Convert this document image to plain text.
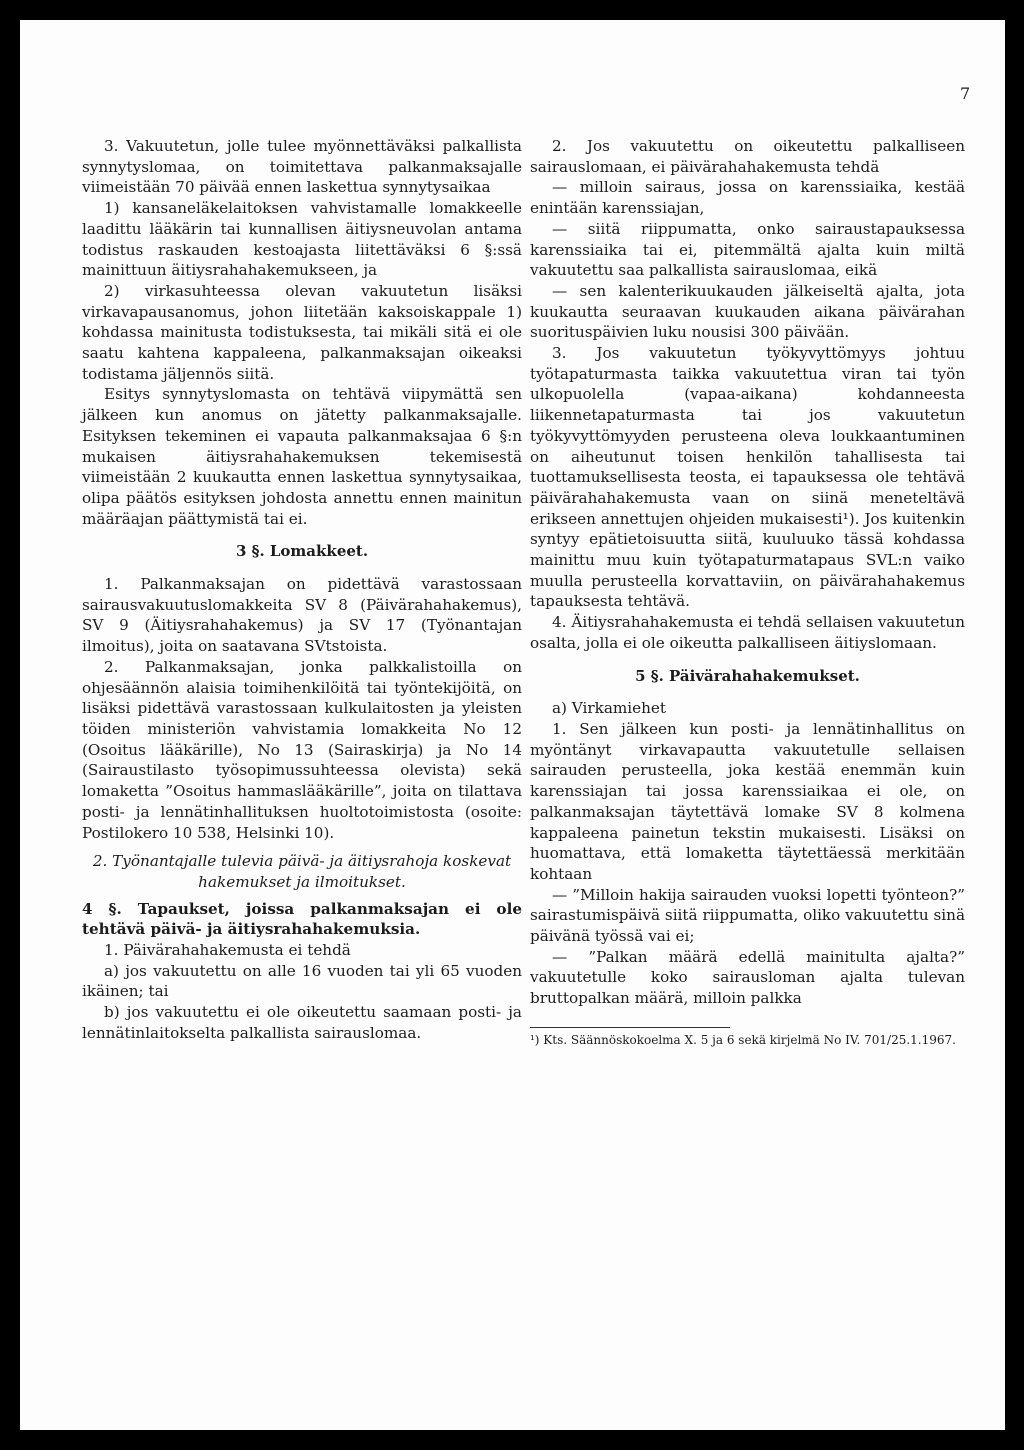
7

3. Vakuutetun, jolle tulee myönnettäväksi palkallista synnytyslomaa, on toimitettava palkanmaksajalle viimeistään 70 päivää ennen laskettua synnytysaikaa

1) kansaneläkelaitoksen vahvistamalle lomakkeelle laadittu lääkärin tai kunnallisen äitiysneuvolan antama todistus raskauden kestoajasta liitettäväksi 6 §:ssä mainittuun äitiysrahahakemukseen, ja

2) virkasuhteessa olevan vakuutetun lisäksi virkavapausanomus, johon liitetään kaksoiskappale 1) kohdassa mainitusta todistuksesta, tai mikäli sitä ei ole saatu kahtena kappaleena, palkanmaksajan oikeaksi todistama jäljennös siitä.

Esitys synnytyslomasta on tehtävä viipymättä sen jälkeen kun anomus on jätetty palkanmaksajalle. Esityksen tekeminen ei vapauta palkanmaksajaa 6 §:n mukaisen äitiysrahahakemuksen tekemisestä viimeistään 2 kuukautta ennen laskettua synnytysaikaa, olipa päätös esityksen johdosta annettu ennen mainitun määräajan päättymistä tai ei.

3 §. Lomakkeet.

1. Palkanmaksajan on pidettävä varastossaan sairausvakuutuslomakkeita SV 8 (Päivärahahakemus), SV 9 (Äitiysrahahakemus) ja SV 17 (Työnantajan ilmoitus), joita on saatavana SVtstoista.

2. Palkanmaksajan, jonka palkkalistoilla on ohjesäännön alaisia toimihenkilöitä tai työntekijöitä, on lisäksi pidettävä varastossaan kulkulaitosten ja yleisten töiden ministeriön vahvistamia lomakkeita No 12 (Osoitus lääkärille), No 13 (Sairaskirja) ja No 14 (Sairaustilasto työsopimussuhteessa olevista) sekä lomaketta ”Osoitus hammaslääkärille”, joita on tilattava posti- ja lennätinhallituksen huoltotoimistosta (osoite: Postilokero 10 538, Helsinki 10).

2. Työnantajalle tulevia päivä- ja äitiysrahoja koskevat hakemukset ja ilmoitukset.

4 §. Tapaukset, joissa palkanmaksajan ei ole tehtävä päivä- ja äitiysrahahakemuksia.

1. Päivärahahakemusta ei tehdä

a) jos vakuutettu on alle 16 vuoden tai yli 65 vuoden ikäinen; tai

b) jos vakuutettu ei ole oikeutettu saamaan posti- ja lennätinlaitokselta palkallista sairauslomaa.

2. Jos vakuutettu on oikeutettu palkalliseen sairauslomaan, ei päivärahahakemusta tehdä

— milloin sairaus, jossa on karenssiaika, kestää enintään karenssiajan,

— siitä riippumatta, onko sairaustapauksessa karenssiaika tai ei, pitemmältä ajalta kuin miltä vakuutettu saa palkallista sairauslomaa, eikä

— sen kalenterikuukauden jälkeiseltä ajalta, jota kuukautta seuraavan kuukauden aikana päivärahan suorituspäivien luku nousisi 300 päivään.

3. Jos vakuutetun työkyvyttömyys johtuu työtapaturmasta taikka vakuutettua viran tai työn ulkopuolella (vapaa-aikana) kohdanneesta liikennetapaturmasta tai jos vakuutetun työkyvyttömyyden perusteena oleva loukkaantuminen on aiheutunut toisen henkilön tahallisesta tai tuottamuksellisesta teosta, ei tapauksessa ole tehtävä päivärahahakemusta vaan on siinä meneteltävä erikseen annettujen ohjeiden mukaisesti¹). Jos kuitenkin syntyy epätietoisuutta siitä, kuuluuko tässä kohdassa mainittu muu kuin työtapaturmatapaus SVL:n vaiko muulla perusteella korvattaviin, on päivärahahakemus tapauksesta tehtävä.

4. Äitiysrahahakemusta ei tehdä sellaisen vakuutetun osalta, jolla ei ole oikeutta palkalliseen äitiyslomaan.

5 §. Päivärahahakemukset.

a) Virkamiehet

1. Sen jälkeen kun posti- ja lennätinhallitus on myöntänyt virkavapautta vakuutetulle sellaisen sairauden perusteella, joka kestää enemmän kuin karenssiajan tai jossa karenssiaikaa ei ole, on palkanmaksajan täytettävä lomake SV 8 kolmena kappaleena painetun tekstin mukaisesti. Lisäksi on huomattava, että lomaketta täytettäessä merkitään kohtaan

— ”Milloin hakija sairauden vuoksi lopetti työnteon?” sairastumispäivä siitä riippumatta, oliko vakuutettu sinä päivänä työssä vai ei;

— ”Palkan määrä edellä mainitulta ajalta?” vakuutetulle koko sairausloman ajalta tulevan bruttopalkan määrä, milloin palkka

¹) Kts. Säännöskokoelma X. 5 ja 6 sekä kirjelmä No IV. 701/25.1.1967.
